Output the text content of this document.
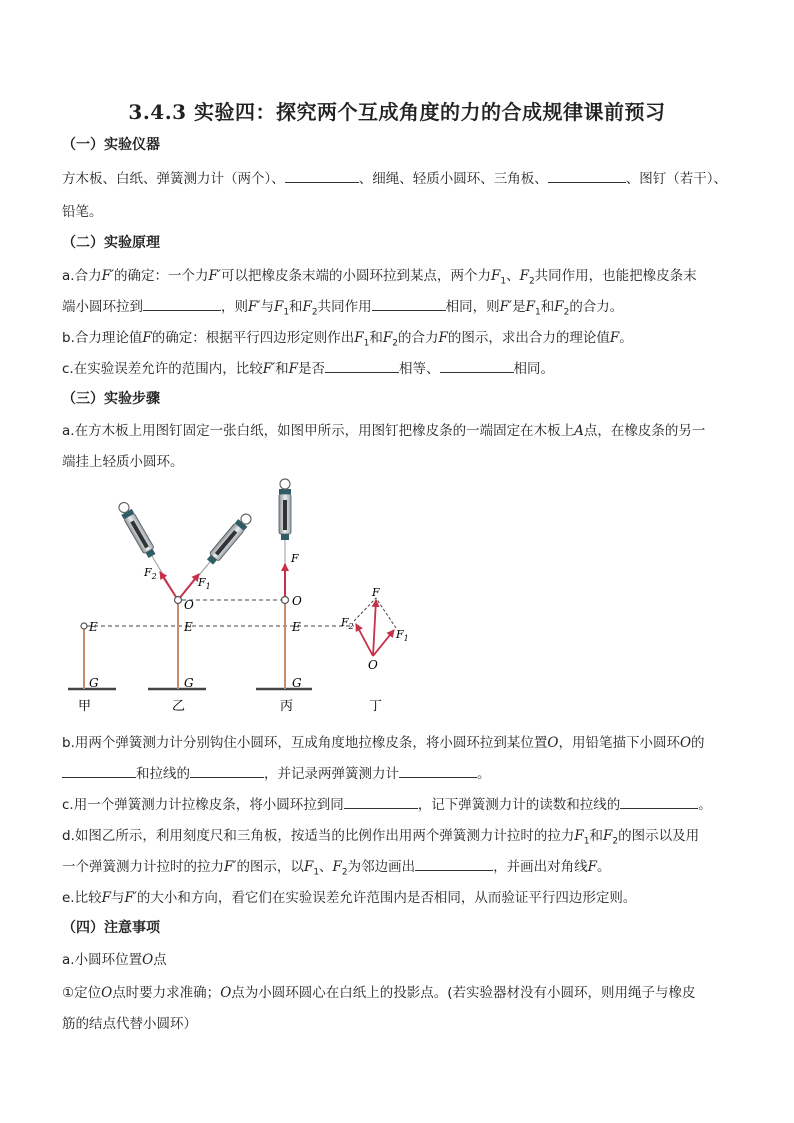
3.4.3 实验四：探究两个互成角度的力的合成规律课前预习
（一）实验仪器
方木板、白纸、弹簧测力计（两个）、	、细绳、轻质小圆环、三角板、	、图钉（若干）、
铅笔。
（二）实验原理
a.合力F′的确定：一个力F′可以把橡皮条末端的小圆环拉到某点，两个力$F_1$、$F_2$共同作用，也能把橡皮条末
端小圆环拉到	，则F′与$F_1$和$F_2$共同作用	相同，则F′是$F_1$和$F_2$的合力。
b.合力理论值F的确定：根据平行四边形定则作出$F_1$和$F_2$的合力F的图示，求出合力的理论值F。
c.在实验误差允许的范围内，比较F′和F是否	相等、	相同。
（三）实验步骤
a.在方木板上用图钉固定一张白纸，如图甲所示，用图钉把橡皮条的一端固定在木板上A点，在橡皮条的另一
端挂上轻质小圆环。
E
G
甲
E
G
O
$F_2$	$F_1$
乙
F
O
E
G
丙
F
$F_2$
$F_1$
O
丁
b.用两个弹簧测力计分别钩住小圆环，互成角度地拉橡皮条，将小圆环拉到某位置O，用铅笔描下小圆环O的
和拉线的	，并记录两弹簧测力计	。
c.用一个弹簧测力计拉橡皮条，将小圆环拉到同	，记下弹簧测力计的读数和拉线的	。
d.如图乙所示，利用刻度尺和三角板，按适当的比例作出用两个弹簧测力计拉时的拉力$F_1$和$F_2$的图示以及用
一个弹簧测力计拉时的拉力F′的图示，以$F_1$、$F_2$为邻边画出	，并画出对角线F。
e.比较F与F′的大小和方向，看它们在实验误差允许范围内是否相同，从而验证平行四边形定则。
（四）注意事项
a.小圆环位置O点
①定位O点时要力求准确；O点为小圆环圆心在白纸上的投影点。(若实验器材没有小圆环，则用绳子与橡皮
筋的结点代替小圆环）
